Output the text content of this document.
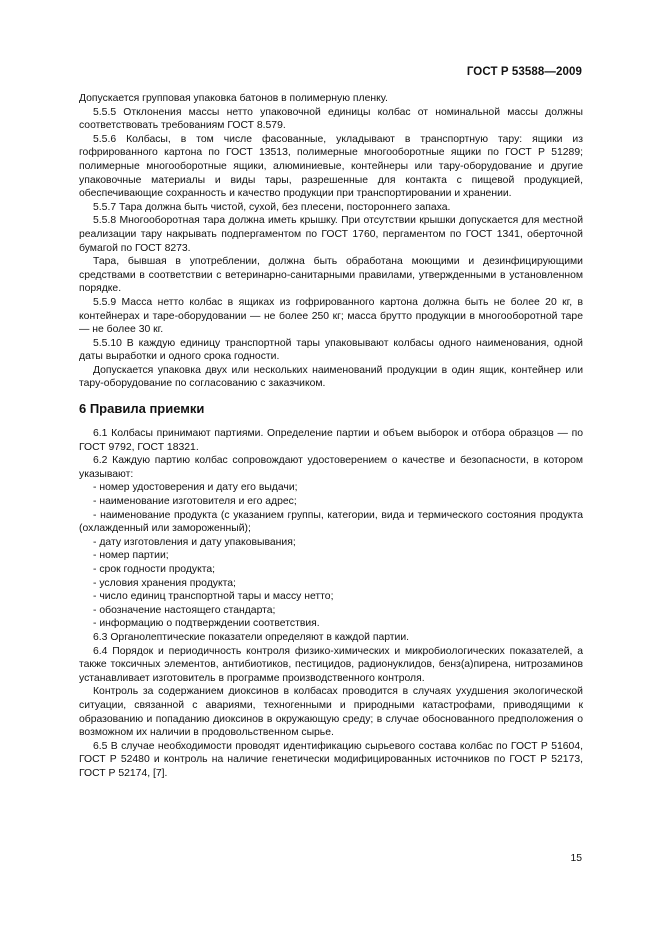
ГОСТ Р 53588—2009

Допускается групповая упаковка батонов в полимерную пленку.

5.5.5 Отклонения массы нетто упаковочной единицы колбас от номинальной массы должны соответствовать требованиям ГОСТ 8.579.

5.5.6 Колбасы, в том числе фасованные, укладывают в транспортную тару: ящики из гофрированного картона по ГОСТ 13513, полимерные многооборотные ящики по ГОСТ Р 51289; полимерные многооборотные ящики, алюминиевые, контейнеры или тару-оборудование и другие упаковочные материалы и виды тары, разрешенные для контакта с пищевой продукцией, обеспечивающие сохранность и качество продукции при транспортировании и хранении.

5.5.7 Тара должна быть чистой, сухой, без плесени, постороннего запаха.

5.5.8 Многооборотная тара должна иметь крышку. При отсутствии крышки допускается для местной реализации тару накрывать подпергаментом по ГОСТ 1760, пергаментом по ГОСТ 1341, оберточной бумагой по ГОСТ 8273.

Тара, бывшая в употреблении, должна быть обработана моющими и дезинфицирующими средствами в соответствии с ветеринарно-санитарными правилами, утвержденными в установленном порядке.

5.5.9 Масса нетто колбас в ящиках из гофрированного картона должна быть не более 20 кг, в контейнерах и таре-оборудовании — не более 250 кг; масса брутто продукции в многооборотной таре — не более 30 кг.

5.5.10 В каждую единицу транспортной тары упаковывают колбасы одного наименования, одной даты выработки и одного срока годности.

Допускается упаковка двух или нескольких наименований продукции в один ящик, контейнер или тару-оборудование по согласованию с заказчиком.

6 Правила приемки

6.1 Колбасы принимают партиями. Определение партии и объем выборок и отбора образцов — по ГОСТ 9792, ГОСТ 18321.

6.2 Каждую партию колбас сопровождают удостоверением о качестве и безопасности, в котором указывают:

- номер удостоверения и дату его выдачи;

- наименование изготовителя и его адрес;

- наименование продукта (с указанием группы, категории, вида и термического состояния продукта (охлажденный или замороженный);

- дату изготовления и дату упаковывания;

- номер партии;

- срок годности продукта;

- условия хранения продукта;

- число единиц транспортной тары и массу нетто;

- обозначение настоящего стандарта;

- информацию о подтверждении соответствия.

6.3 Органолептические показатели определяют в каждой партии.

6.4 Порядок и периодичность контроля физико-химических и микробиологических показателей, а также токсичных элементов, антибиотиков, пестицидов, радионуклидов, бенз(а)пирена, нитрозаминов устанавливает изготовитель в программе производственного контроля.

Контроль за содержанием диоксинов в колбасах проводится в случаях ухудшения экологической ситуации, связанной с авариями, техногенными и природными катастрофами, приводящими к образованию и попаданию диоксинов в окружающую среду; в случае обоснованного предположения о возможном их наличии в продовольственном сырье.

6.5 В случае необходимости проводят идентификацию сырьевого состава колбас по ГОСТ Р 51604, ГОСТ Р 52480 и контроль на наличие генетически модифицированных источников по ГОСТ Р 52173, ГОСТ Р 52174, [7].

15
